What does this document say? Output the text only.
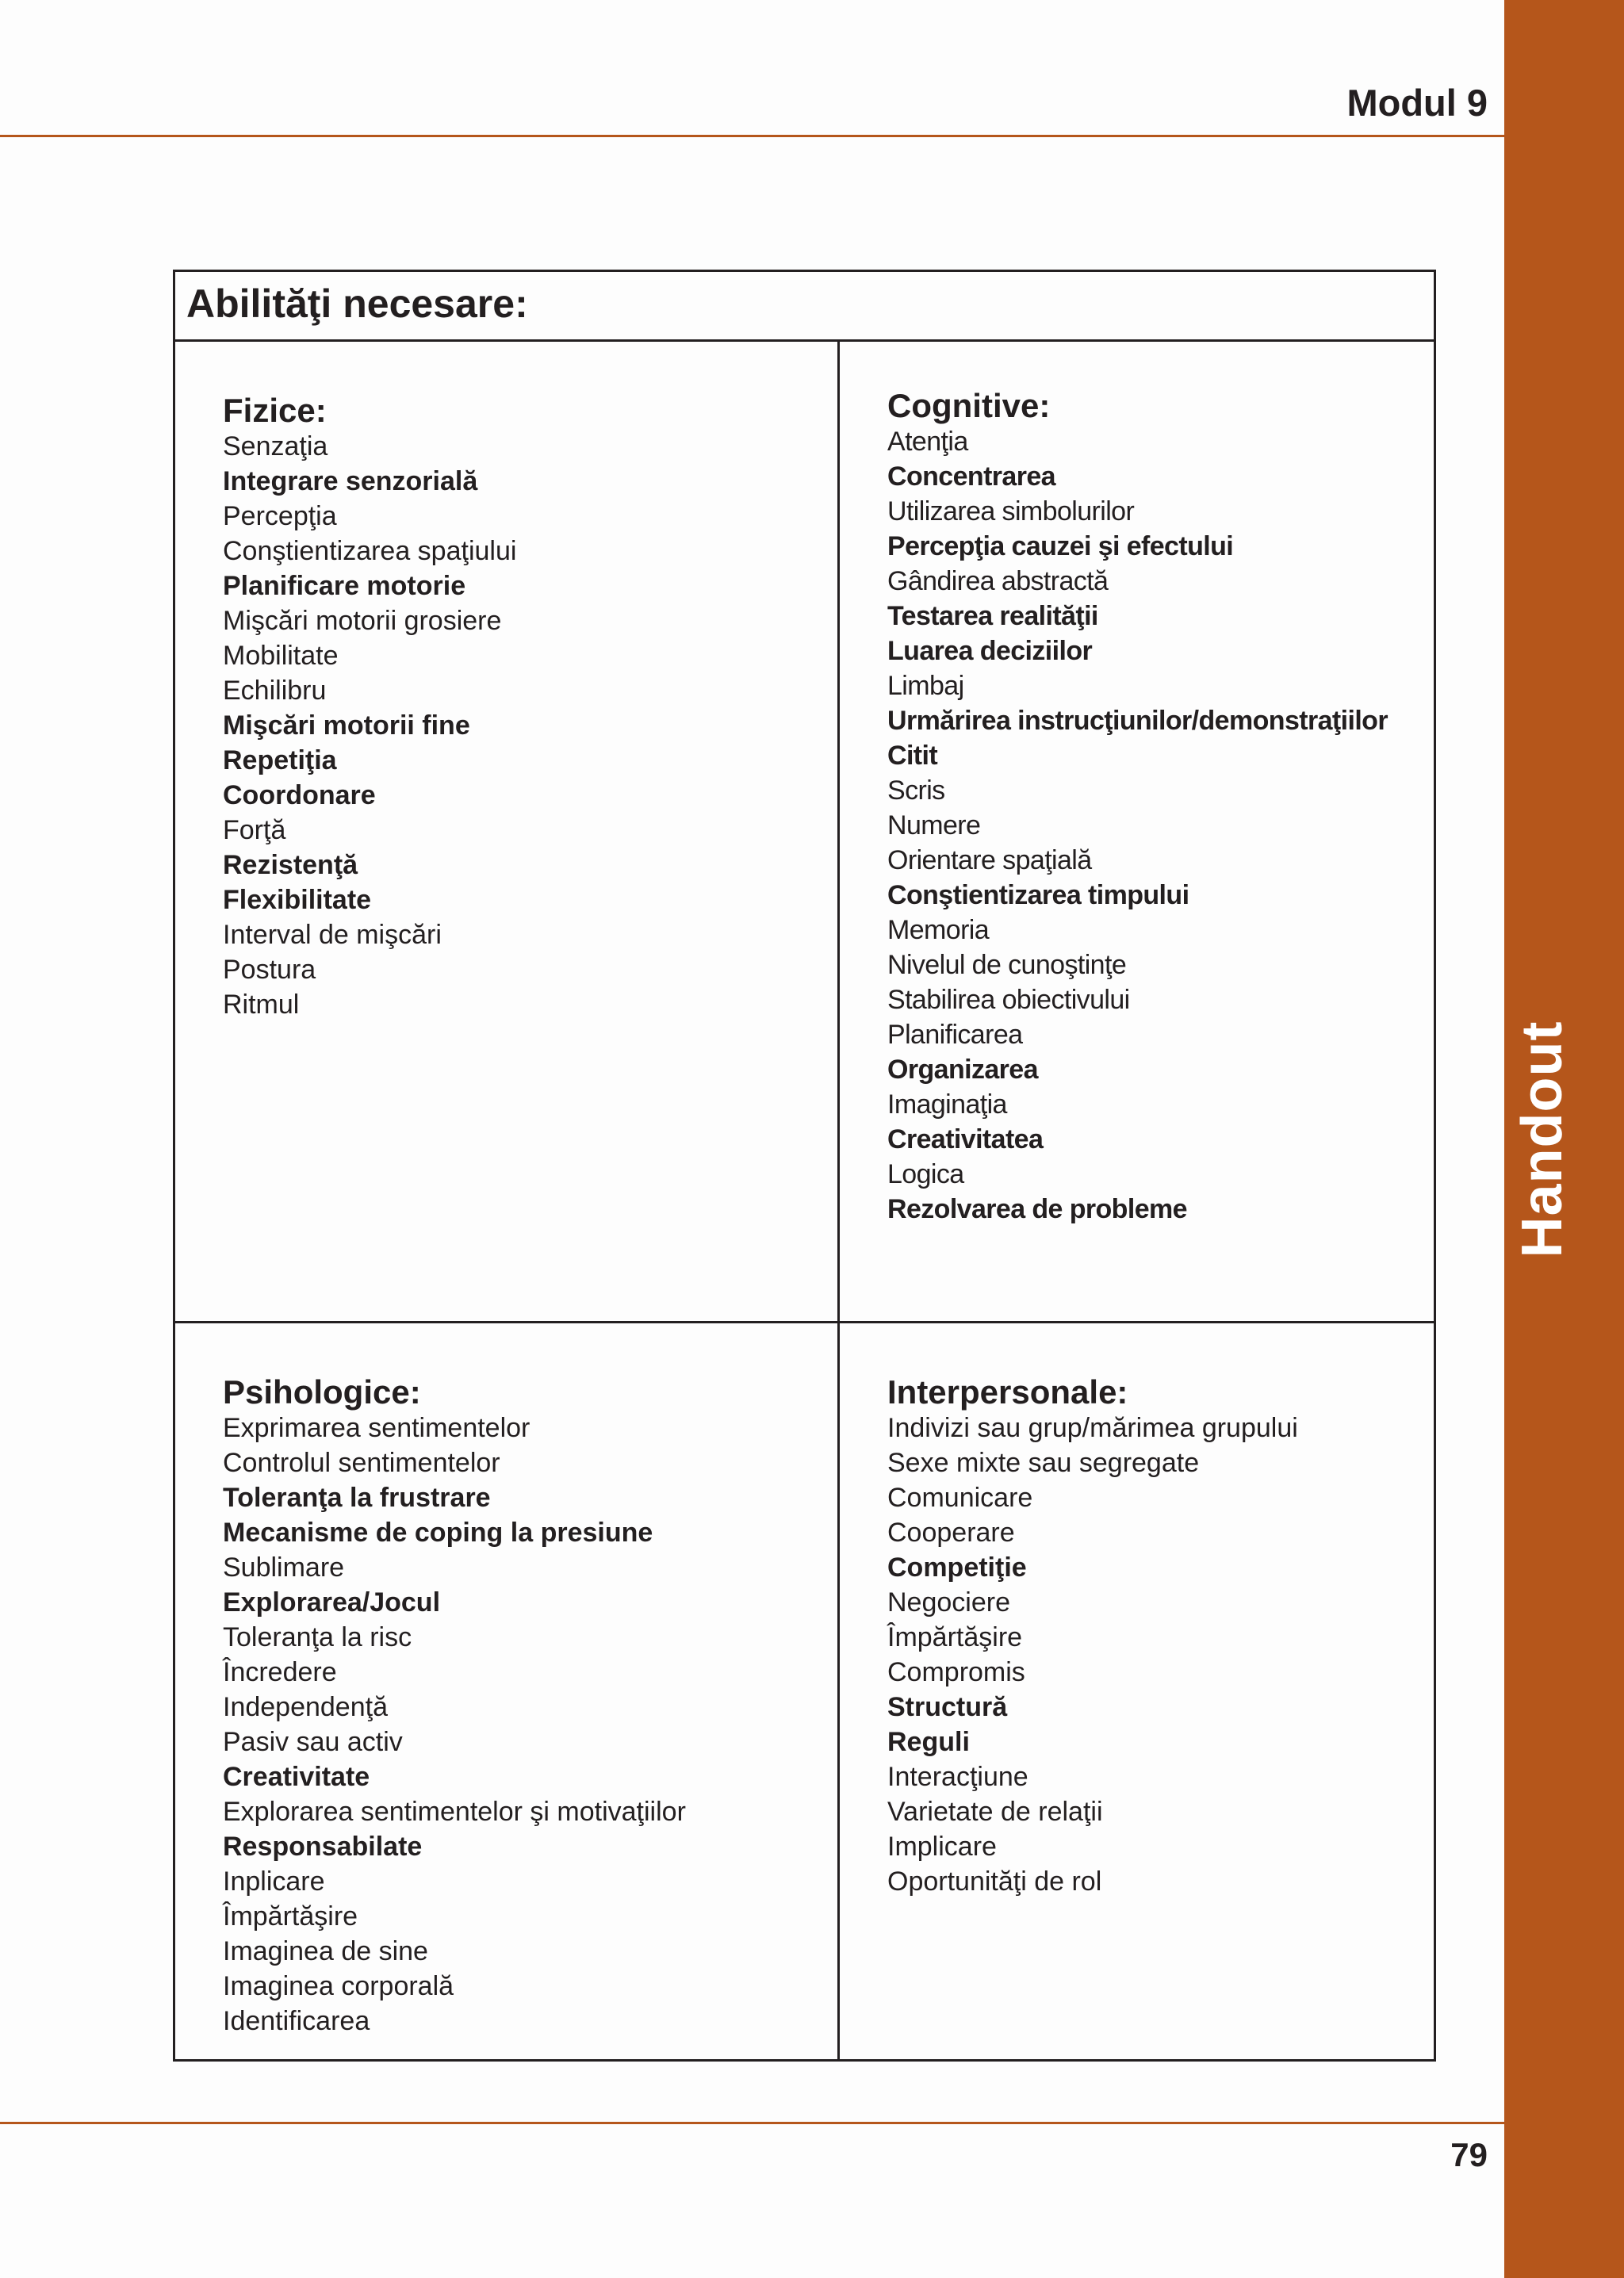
Handout
Modul 9
Abilităţi necesare:
Fizice:
Senzaţia
Integrare senzorială
Percepţia
Conştientizarea spaţiului
Planificare motorie
Mişcări motorii grosiere
Mobilitate
Echilibru
Mişcări motorii fine
Repetiţia
Coordonare
Forţă
Rezistenţă
Flexibilitate
Interval de mişcări
Postura
Ritmul
Cognitive:
Atenţia
Concentrarea
Utilizarea simbolurilor
Percepţia cauzei şi efectului
Gândirea abstractă
Testarea realităţii
Luarea deciziilor
Limbaj
Urmărirea instrucţiunilor/demonstraţiilor
Citit
Scris
Numere
Orientare spaţială
Conştientizarea timpului
Memoria
Nivelul de cunoştinţe
Stabilirea obiectivului
Planificarea
Organizarea
Imaginaţia
Creativitatea
Logica
Rezolvarea de probleme
Psihologice:
Exprimarea sentimentelor
Controlul sentimentelor
Toleranţa la frustrare
Mecanisme de coping la presiune
Sublimare
Explorarea/Jocul
Toleranţa la risc
Încredere
Independenţă
Pasiv sau activ
Creativitate
Explorarea sentimentelor şi motivaţiilor
Responsabilate
Inplicare
Împărtăşire
Imaginea de sine
Imaginea corporală
Identificarea
Interpersonale:
Indivizi sau grup/mărimea grupului
Sexe mixte sau segregate
Comunicare
Cooperare
Competiţie
Negociere
Împărtăşire
Compromis
Structură
Reguli
Interacţiune
Varietate de relaţii
Implicare
Oportunităţi de rol
79
